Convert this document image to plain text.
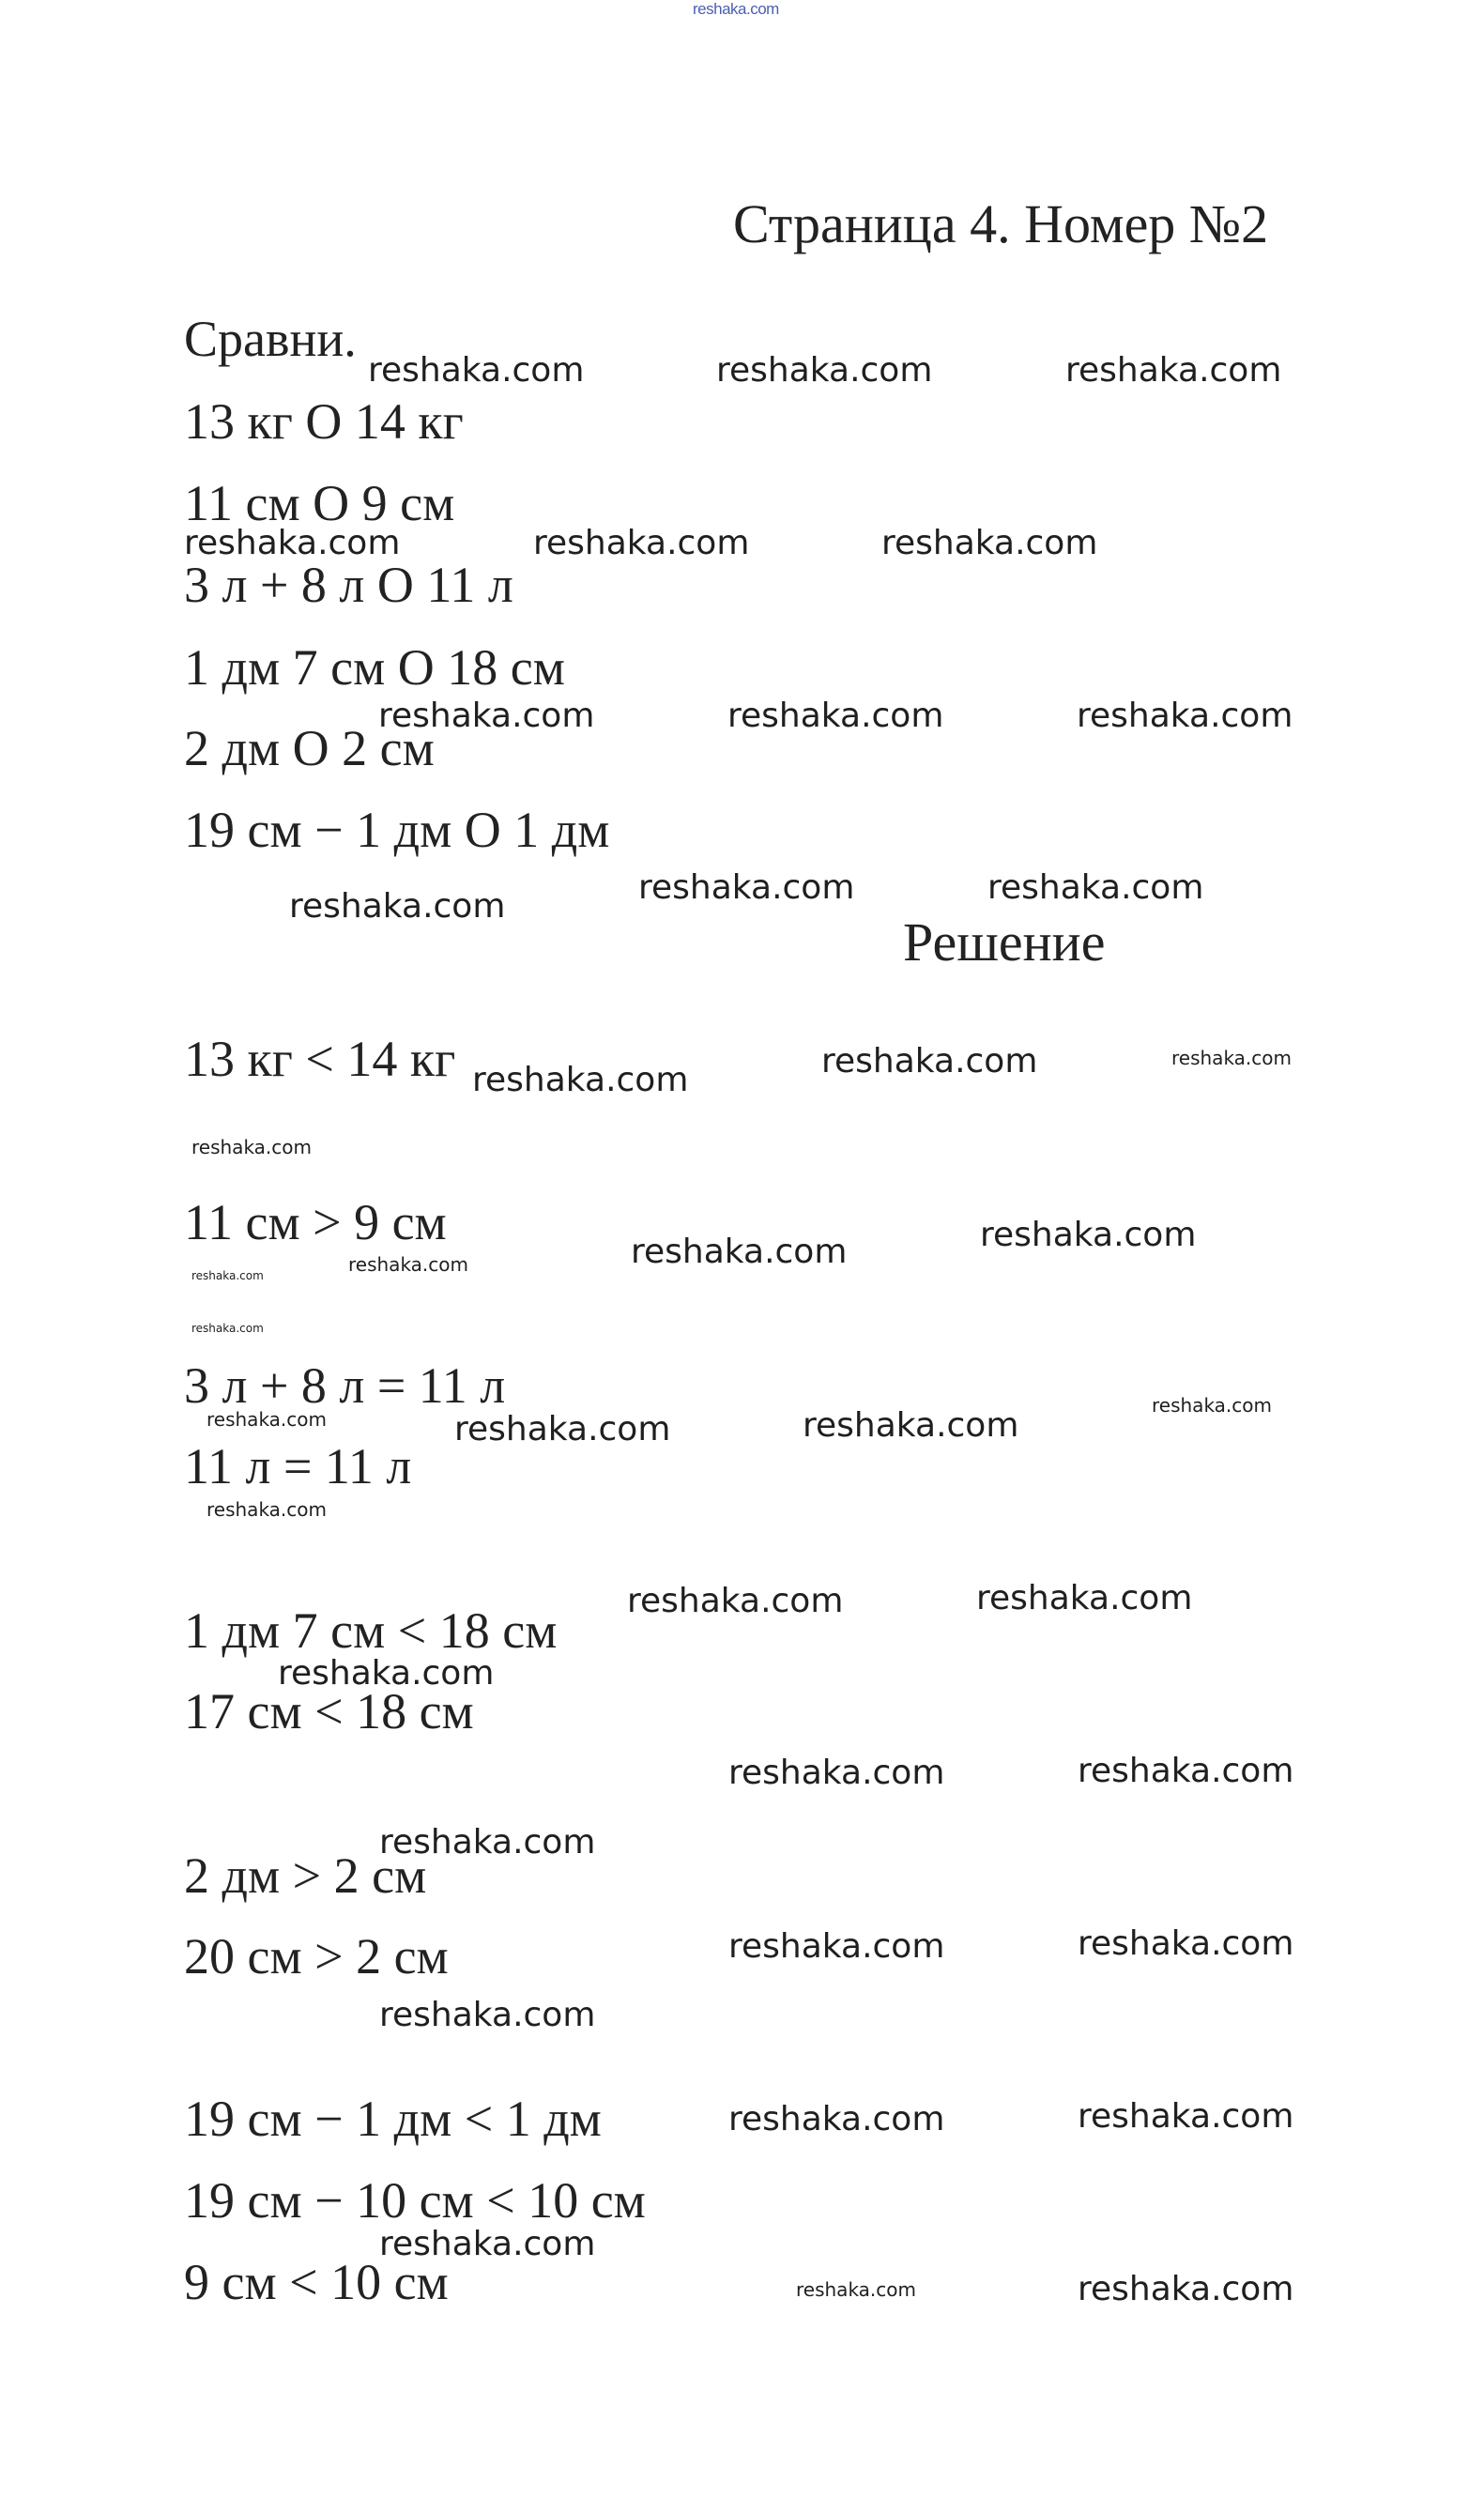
reshaka.com
Страница 4. Номер №2
Сравни.
13 кг О 14 кг
11 см О 9 см
3 л + 8 л О 11 л
1 дм 7 см О 18 см
2 дм О 2 см
19 см − 1 дм О 1 дм
Решение
13 кг < 14 кг
11 см > 9 см
3 л + 8 л = 11 л
11 л = 11 л
1 дм 7 см < 18 см
17 см < 18 см
2 дм > 2 см
20 см > 2 см
19 см − 1 дм < 1 дм
19 см − 10 см < 10 см
9 см < 10 см
reshaka.com	reshaka.com	reshaka.com
reshaka.com	reshaka.com	reshaka.com
reshaka.com	reshaka.com	reshaka.com
reshaka.com	reshaka.com
reshaka.com
reshaka.com	reshaka.com	reshaka.com
reshaka.com
reshaka.com	reshaka.com
reshaka.com
reshaka.com
reshaka.com
reshaka.com	reshaka.com	reshaka.com
reshaka.com
reshaka.com
reshaka.com	reshaka.com
reshaka.com
reshaka.com	reshaka.com
reshaka.com
reshaka.com	reshaka.com
reshaka.com
reshaka.com	reshaka.com
reshaka.com
reshaka.com	reshaka.com
